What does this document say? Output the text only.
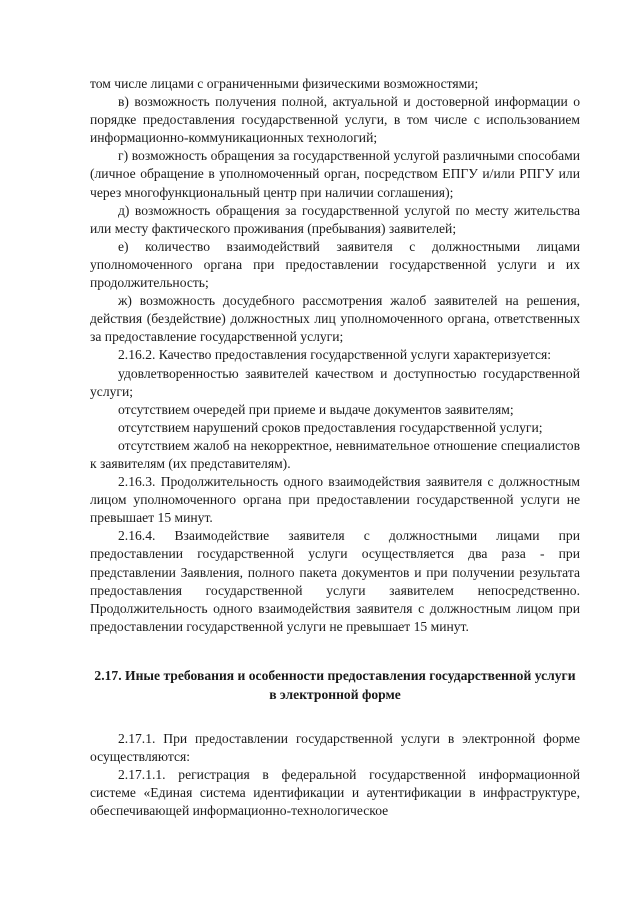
том числе лицами с ограниченными физическими возможностями;

в) возможность получения полной, актуальной и достоверной информации о порядке предоставления государственной услуги, в том числе с использованием информационно-коммуникационных технологий;

г) возможность обращения за государственной услугой различными способами (личное обращение в уполномоченный орган, посредством ЕПГУ и/или РПГУ или через многофункциональный центр при наличии соглашения);

д) возможность обращения за государственной услугой по месту жительства или месту фактического проживания (пребывания) заявителей;

е) количество взаимодействий заявителя с должностными лицами уполномоченного органа при предоставлении государственной услуги и их продолжительность;

ж) возможность досудебного рассмотрения жалоб заявителей на решения, действия (бездействие) должностных лиц уполномоченного органа, ответственных за предоставление государственной услуги;

2.16.2. Качество предоставления государственной услуги характеризуется:

удовлетворенностью заявителей качеством и доступностью государственной услуги;

отсутствием очередей при приеме и выдаче документов заявителям;

отсутствием нарушений сроков предоставления государственной услуги;

отсутствием жалоб на некорректное, невнимательное отношение специалистов к заявителям (их представителям).

2.16.3. Продолжительность одного взаимодействия заявителя с должностным лицом уполномоченного органа при предоставлении государственной услуги не превышает 15 минут.

2.16.4. Взаимодействие заявителя с должностными лицами при предоставлении государственной услуги осуществляется два раза - при представлении Заявления, полного пакета документов и при получении результата предоставления государственной услуги заявителем непосредственно. Продолжительность одного взаимодействия заявителя с должностным лицом при предоставлении государственной услуги не превышает 15 минут.

2.17. Иные требования и особенности предоставления государственной услуги в электронной форме

2.17.1. При предоставлении государственной услуги в электронной форме осуществляются:

2.17.1.1. регистрация в федеральной государственной информационной системе «Единая система идентификации и аутентификации в инфраструктуре, обеспечивающей информационно-технологическое
